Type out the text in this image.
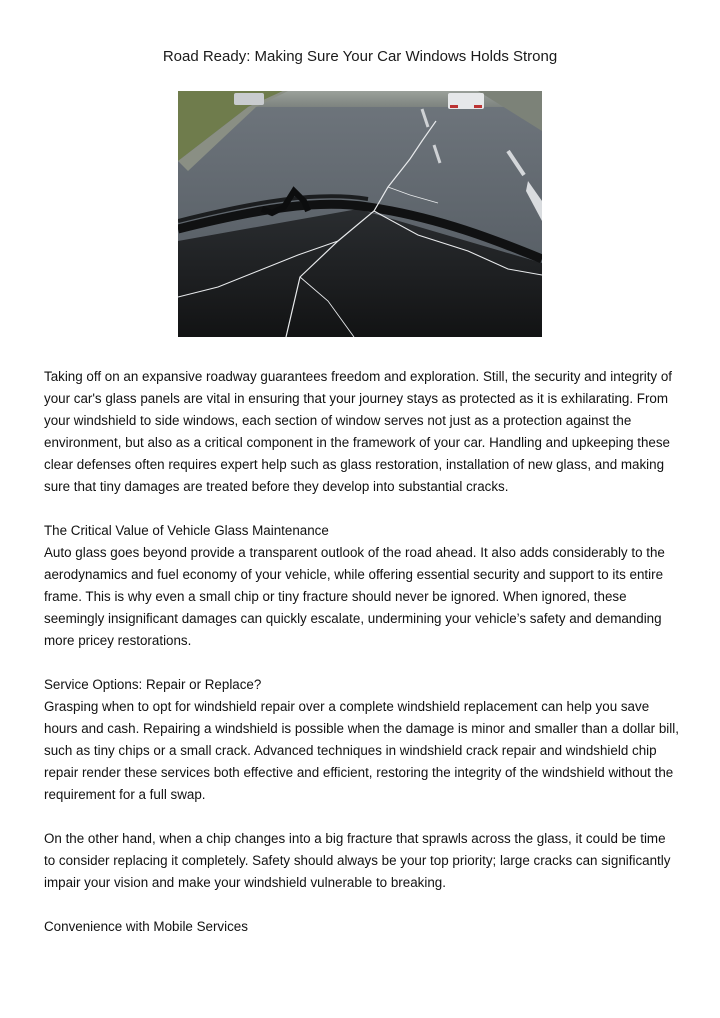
Road Ready: Making Sure Your Car Windows Holds Strong

Taking off on an expansive roadway guarantees freedom and exploration. Still, the security and integrity of your car's glass panels are vital in ensuring that your journey stays as protected as it is exhilarating. From your windshield to side windows, each section of window serves not just as a protection against the environment, but also as a critical component in the framework of your car. Handling and upkeeping these clear defenses often requires expert help such as glass restoration, installation of new glass, and making sure that tiny damages are treated before they develop into substantial cracks.

The Critical Value of Vehicle Glass Maintenance

Auto glass goes beyond provide a transparent outlook of the road ahead. It also adds considerably to the aerodynamics and fuel economy of your vehicle, while offering essential security and support to its entire frame. This is why even a small chip or tiny fracture should never be ignored. When ignored, these seemingly insignificant damages can quickly escalate, undermining your vehicle’s safety and demanding more pricey restorations.

Service Options: Repair or Replace?

Grasping when to opt for windshield repair over a complete windshield replacement can help you save hours and cash. Repairing a windshield is possible when the damage is minor and smaller than a dollar bill, such as tiny chips or a small crack. Advanced techniques in windshield crack repair and windshield chip repair render these services both effective and efficient, restoring the integrity of the windshield without the requirement for a full swap.

On the other hand, when a chip changes into a big fracture that sprawls across the glass, it could be time to consider replacing it completely. Safety should always be your top priority; large cracks can significantly impair your vision and make your windshield vulnerable to breaking.

Convenience with Mobile Services
